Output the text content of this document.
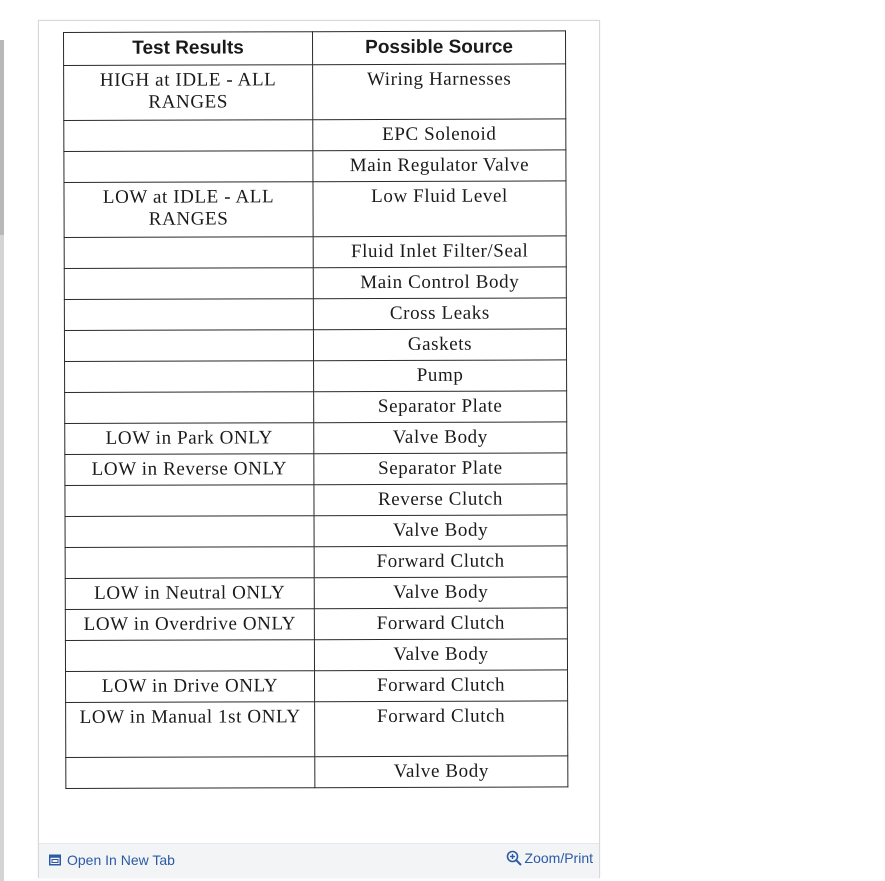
Test Results	Possible Source
HIGH at IDLE - ALL RANGES	Wiring Harnesses
	EPC Solenoid
	Main Regulator Valve
LOW at IDLE - ALL RANGES	Low Fluid Level
	Fluid Inlet Filter/Seal
	Main Control Body
	Cross Leaks
	Gaskets
	Pump
	Separator Plate
LOW in Park ONLY	Valve Body
LOW in Reverse ONLY	Separator Plate
	Reverse Clutch
	Valve Body
	Forward Clutch
LOW in Neutral ONLY	Valve Body
LOW in Overdrive ONLY	Forward Clutch
	Valve Body
LOW in Drive ONLY	Forward Clutch
LOW in Manual 1st ONLY	Forward Clutch
	Valve Body
Open In New Tab	Zoom/Print
